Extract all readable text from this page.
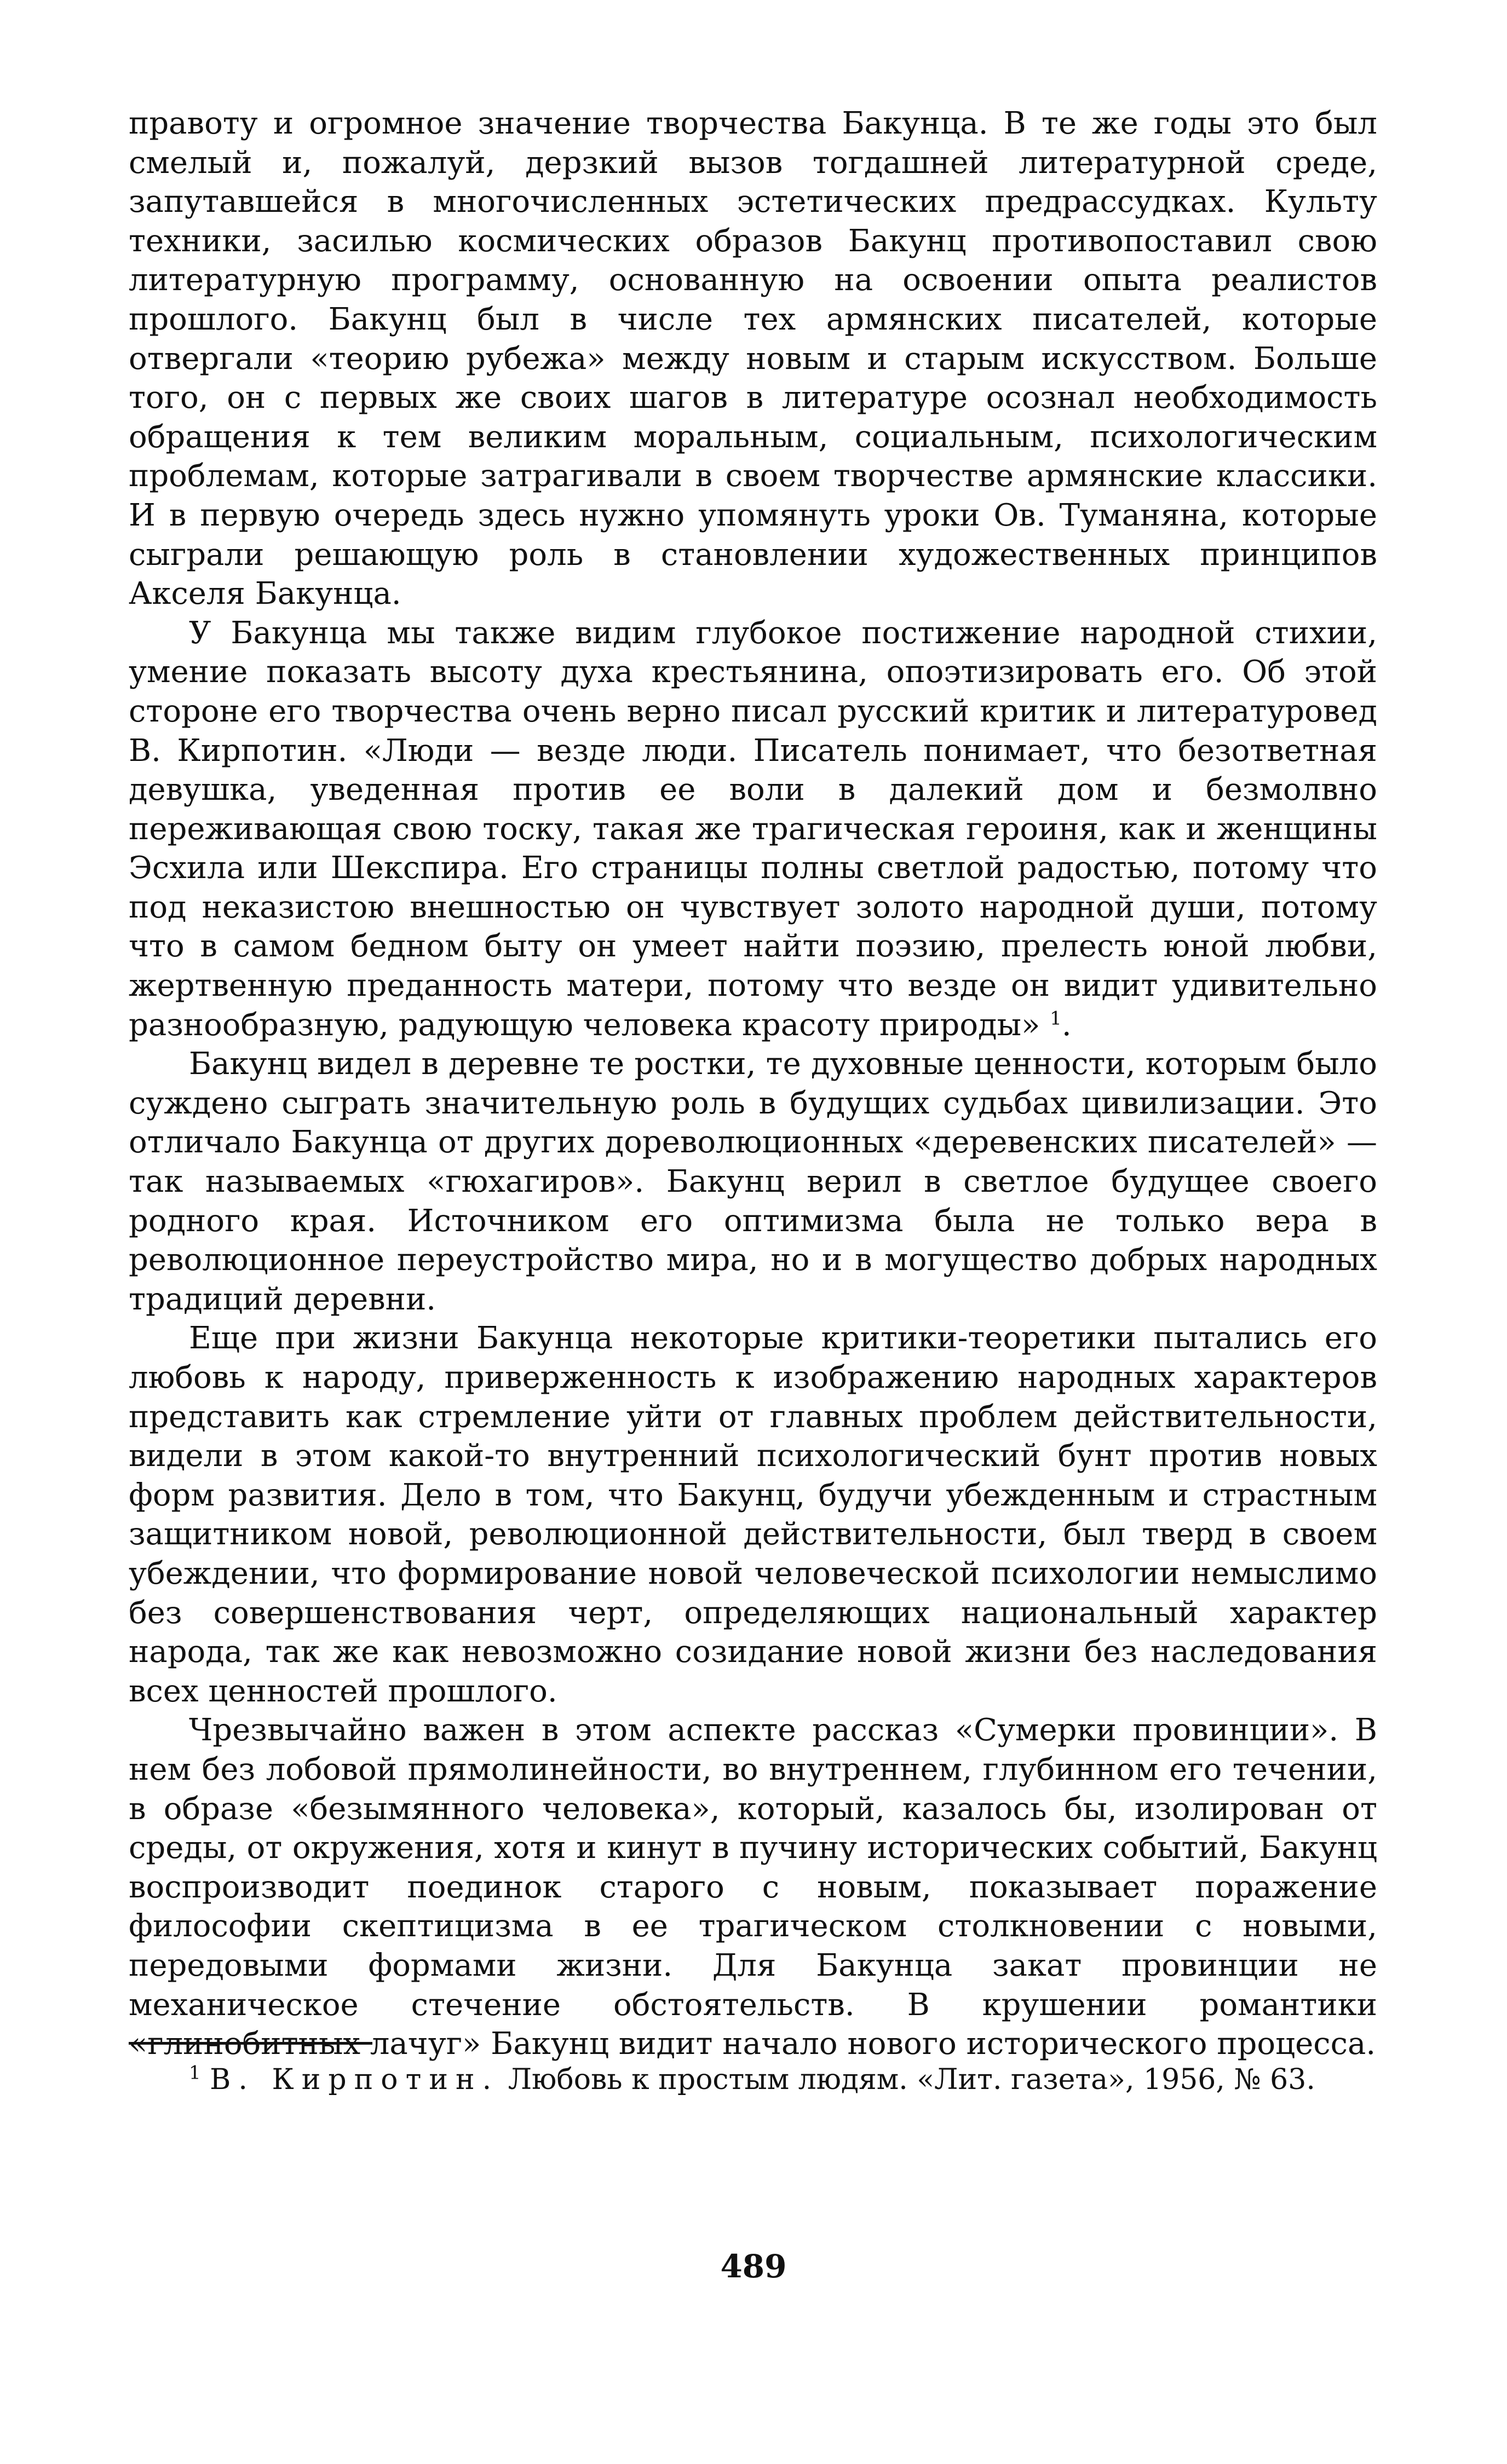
правоту и огромное значение творчества Бакунца. В те же годы это был смелый и, пожалуй, дерзкий вызов тогдашней литературной среде, запутавшейся в многочисленных эстетических предрассудках. Культу техники, засилью космических образов Бакунц противопоставил свою литературную программу, основанную на освоении опыта реалистов прошлого. Бакунц был в числе тех армянских писателей, которые отвергали «теорию рубежа» между новым и старым искусством. Больше того, он с первых же своих шагов в литературе осознал необходимость обращения к тем великим моральным, социальным, психологическим проблемам, которые затрагивали в своем творчестве армянские классики. И в первую очередь здесь нужно упомянуть уроки Ов. Туманяна, которые сыграли решающую роль в становлении художественных принципов Акселя Бакунца.

У Бакунца мы также видим глубокое постижение народной стихии, умение показать высоту духа крестьянина, опоэтизировать его. Об этой стороне его творчества очень верно писал русский критик и литературовед В. Кирпотин. «Люди — везде люди. Писатель понимает, что безответная девушка, уведенная против ее воли в далекий дом и безмолвно переживающая свою тоску, такая же трагическая героиня, как и женщины Эсхила или Шекспира. Его страницы полны светлой радостью, потому что под неказистою внешностью он чувствует золото народной души, потому что в самом бедном быту он умеет найти поэзию, прелесть юной любви, жертвенную преданность матери, потому что везде он видит удивительно разнообразную, радующую человека красоту природы» $^1$.

Бакунц видел в деревне те ростки, те духовные ценности, которым было суждено сыграть значительную роль в будущих судьбах цивилизации. Это отличало Бакунца от других дореволюционных «деревенских писателей» — так называемых «гюхагиров». Бакунц верил в светлое будущее своего родного края. Источником его оптимизма была не только вера в революционное переустройство мира, но и в могущество добрых народных традиций деревни.

Еще при жизни Бакунца некоторые критики-теоретики пытались его любовь к народу, приверженность к изображению народных характеров представить как стремление уйти от главных проблем действительности, видели в этом какой-то внутренний психологический бунт против новых форм развития. Дело в том, что Бакунц, будучи убежденным и страстным защитником новой, революционной действительности, был тверд в своем убеждении, что формирование новой человеческой психологии немыслимо без совершенствования черт, определяющих национальный характер народа, так же как невозможно созидание новой жизни без наследования всех ценностей прошлого.

Чрезвычайно важен в этом аспекте рассказ «Сумерки провинции». В нем без лобовой прямолинейности, во внутреннем, глубинном его течении, в образе «безымянного человека», который, казалось бы, изолирован от среды, от окружения, хотя и кинут в пучину исторических событий, Бакунц воспроизводит поединок старого с новым, показывает поражение философии скептицизма в ее трагическом столкновении с новыми, передовыми формами жизни. Для Бакунца закат провинции не механическое стечение обстоятельств. В крушении романтики «глинобитных лачуг» Бакунц видит начало нового исторического процесса.

$^1$ В. Кирпотин. Любовь к простым людям. «Лит. газета», 1956, № 63.

489
